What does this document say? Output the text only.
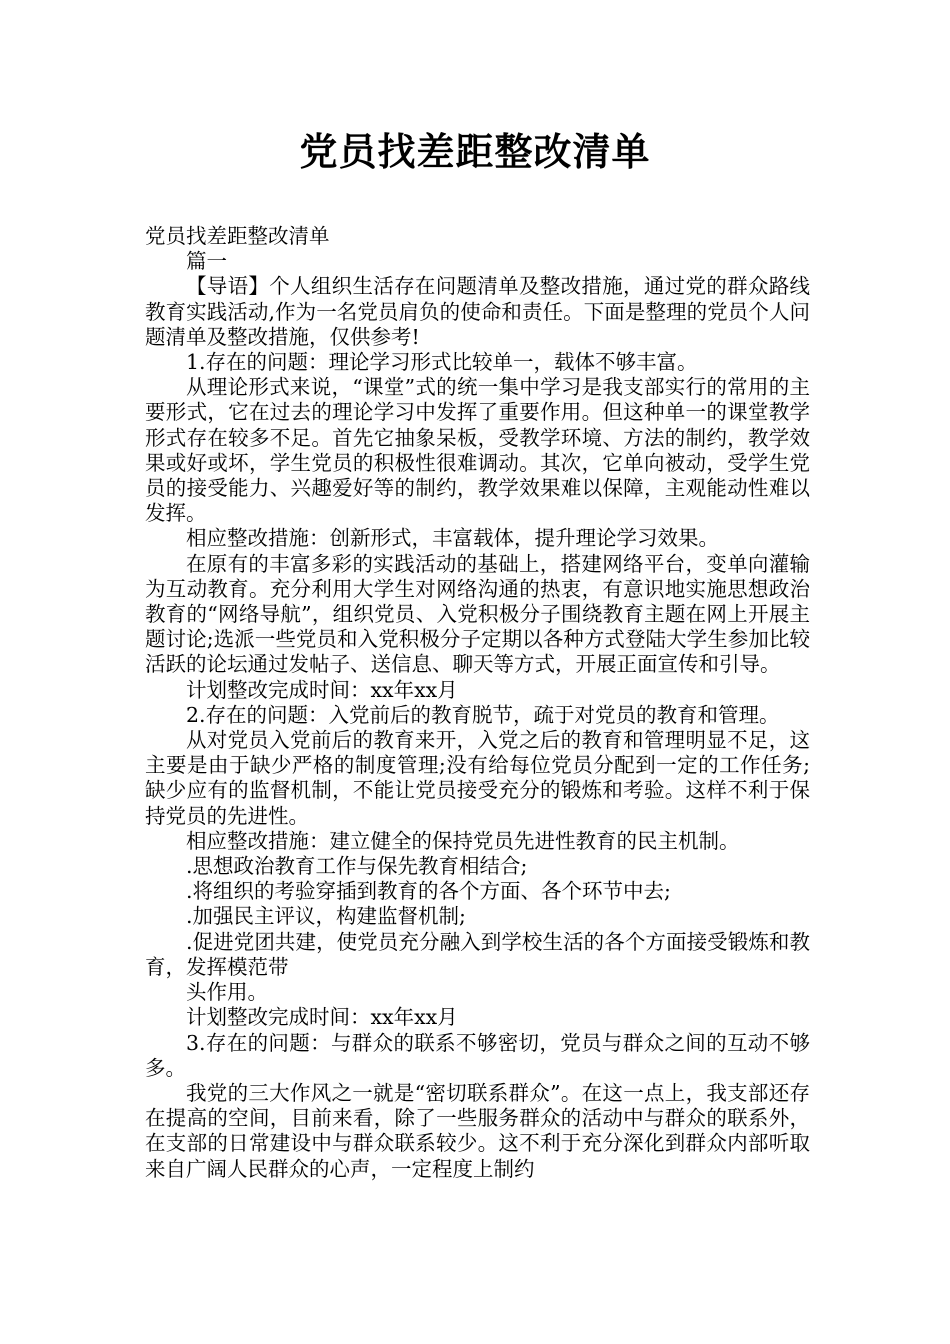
党员找差距整改清单

党员找差距整改清单

篇一

【导语】个人组织生活存在问题清单及整改措施，通过党的群众路线教育实践活动,作为一名党员肩负的使命和责任。下面是整理的党员个人问题清单及整改措施，仅供参考!

1.存在的问题：理论学习形式比较单一，载体不够丰富。

从理论形式来说，“课堂”式的统一集中学习是我支部实行的常用的主要形式，它在过去的理论学习中发挥了重要作用。但这种单一的课堂教学形式存在较多不足。首先它抽象呆板，受教学环境、方法的制约，教学效果或好或坏，学生党员的积极性很难调动。其次，它单向被动，受学生党员的接受能力、兴趣爱好等的制约，教学效果难以保障，主观能动性难以发挥。

相应整改措施：创新形式，丰富载体，提升理论学习效果。

在原有的丰富多彩的实践活动的基础上，搭建网络平台，变单向灌输为互动教育。充分利用大学生对网络沟通的热衷，有意识地实施思想政治教育的“网络导航”，组织党员、入党积极分子围绕教育主题在网上开展主题讨论;选派一些党员和入党积极分子定期以各种方式登陆大学生参加比较活跃的论坛通过发帖子、送信息、聊天等方式，开展正面宣传和引导。

计划整改完成时间：xx年xx月

2.存在的问题：入党前后的教育脱节，疏于对党员的教育和管理。

从对党员入党前后的教育来开，入党之后的教育和管理明显不足，这主要是由于缺少严格的制度管理;没有给每位党员分配到一定的工作任务;缺少应有的监督机制，不能让党员接受充分的锻炼和考验。这样不利于保持党员的先进性。

相应整改措施：建立健全的保持党员先进性教育的民主机制。

.思想政治教育工作与保先教育相结合;

.将组织的考验穿插到教育的各个方面、各个环节中去;

.加强民主评议，构建监督机制;

.促进党团共建，使党员充分融入到学校生活的各个方面接受锻炼和教育，发挥模范带

头作用。

计划整改完成时间：xx年xx月

3.存在的问题：与群众的联系不够密切，党员与群众之间的互动不够多。

我党的三大作风之一就是“密切联系群众”。在这一点上，我支部还存在提高的空间，目前来看，除了一些服务群众的活动中与群众的联系外，在支部的日常建设中与群众联系较少。这不利于充分深化到群众内部听取来自广阔人民群众的心声，一定程度上制约
